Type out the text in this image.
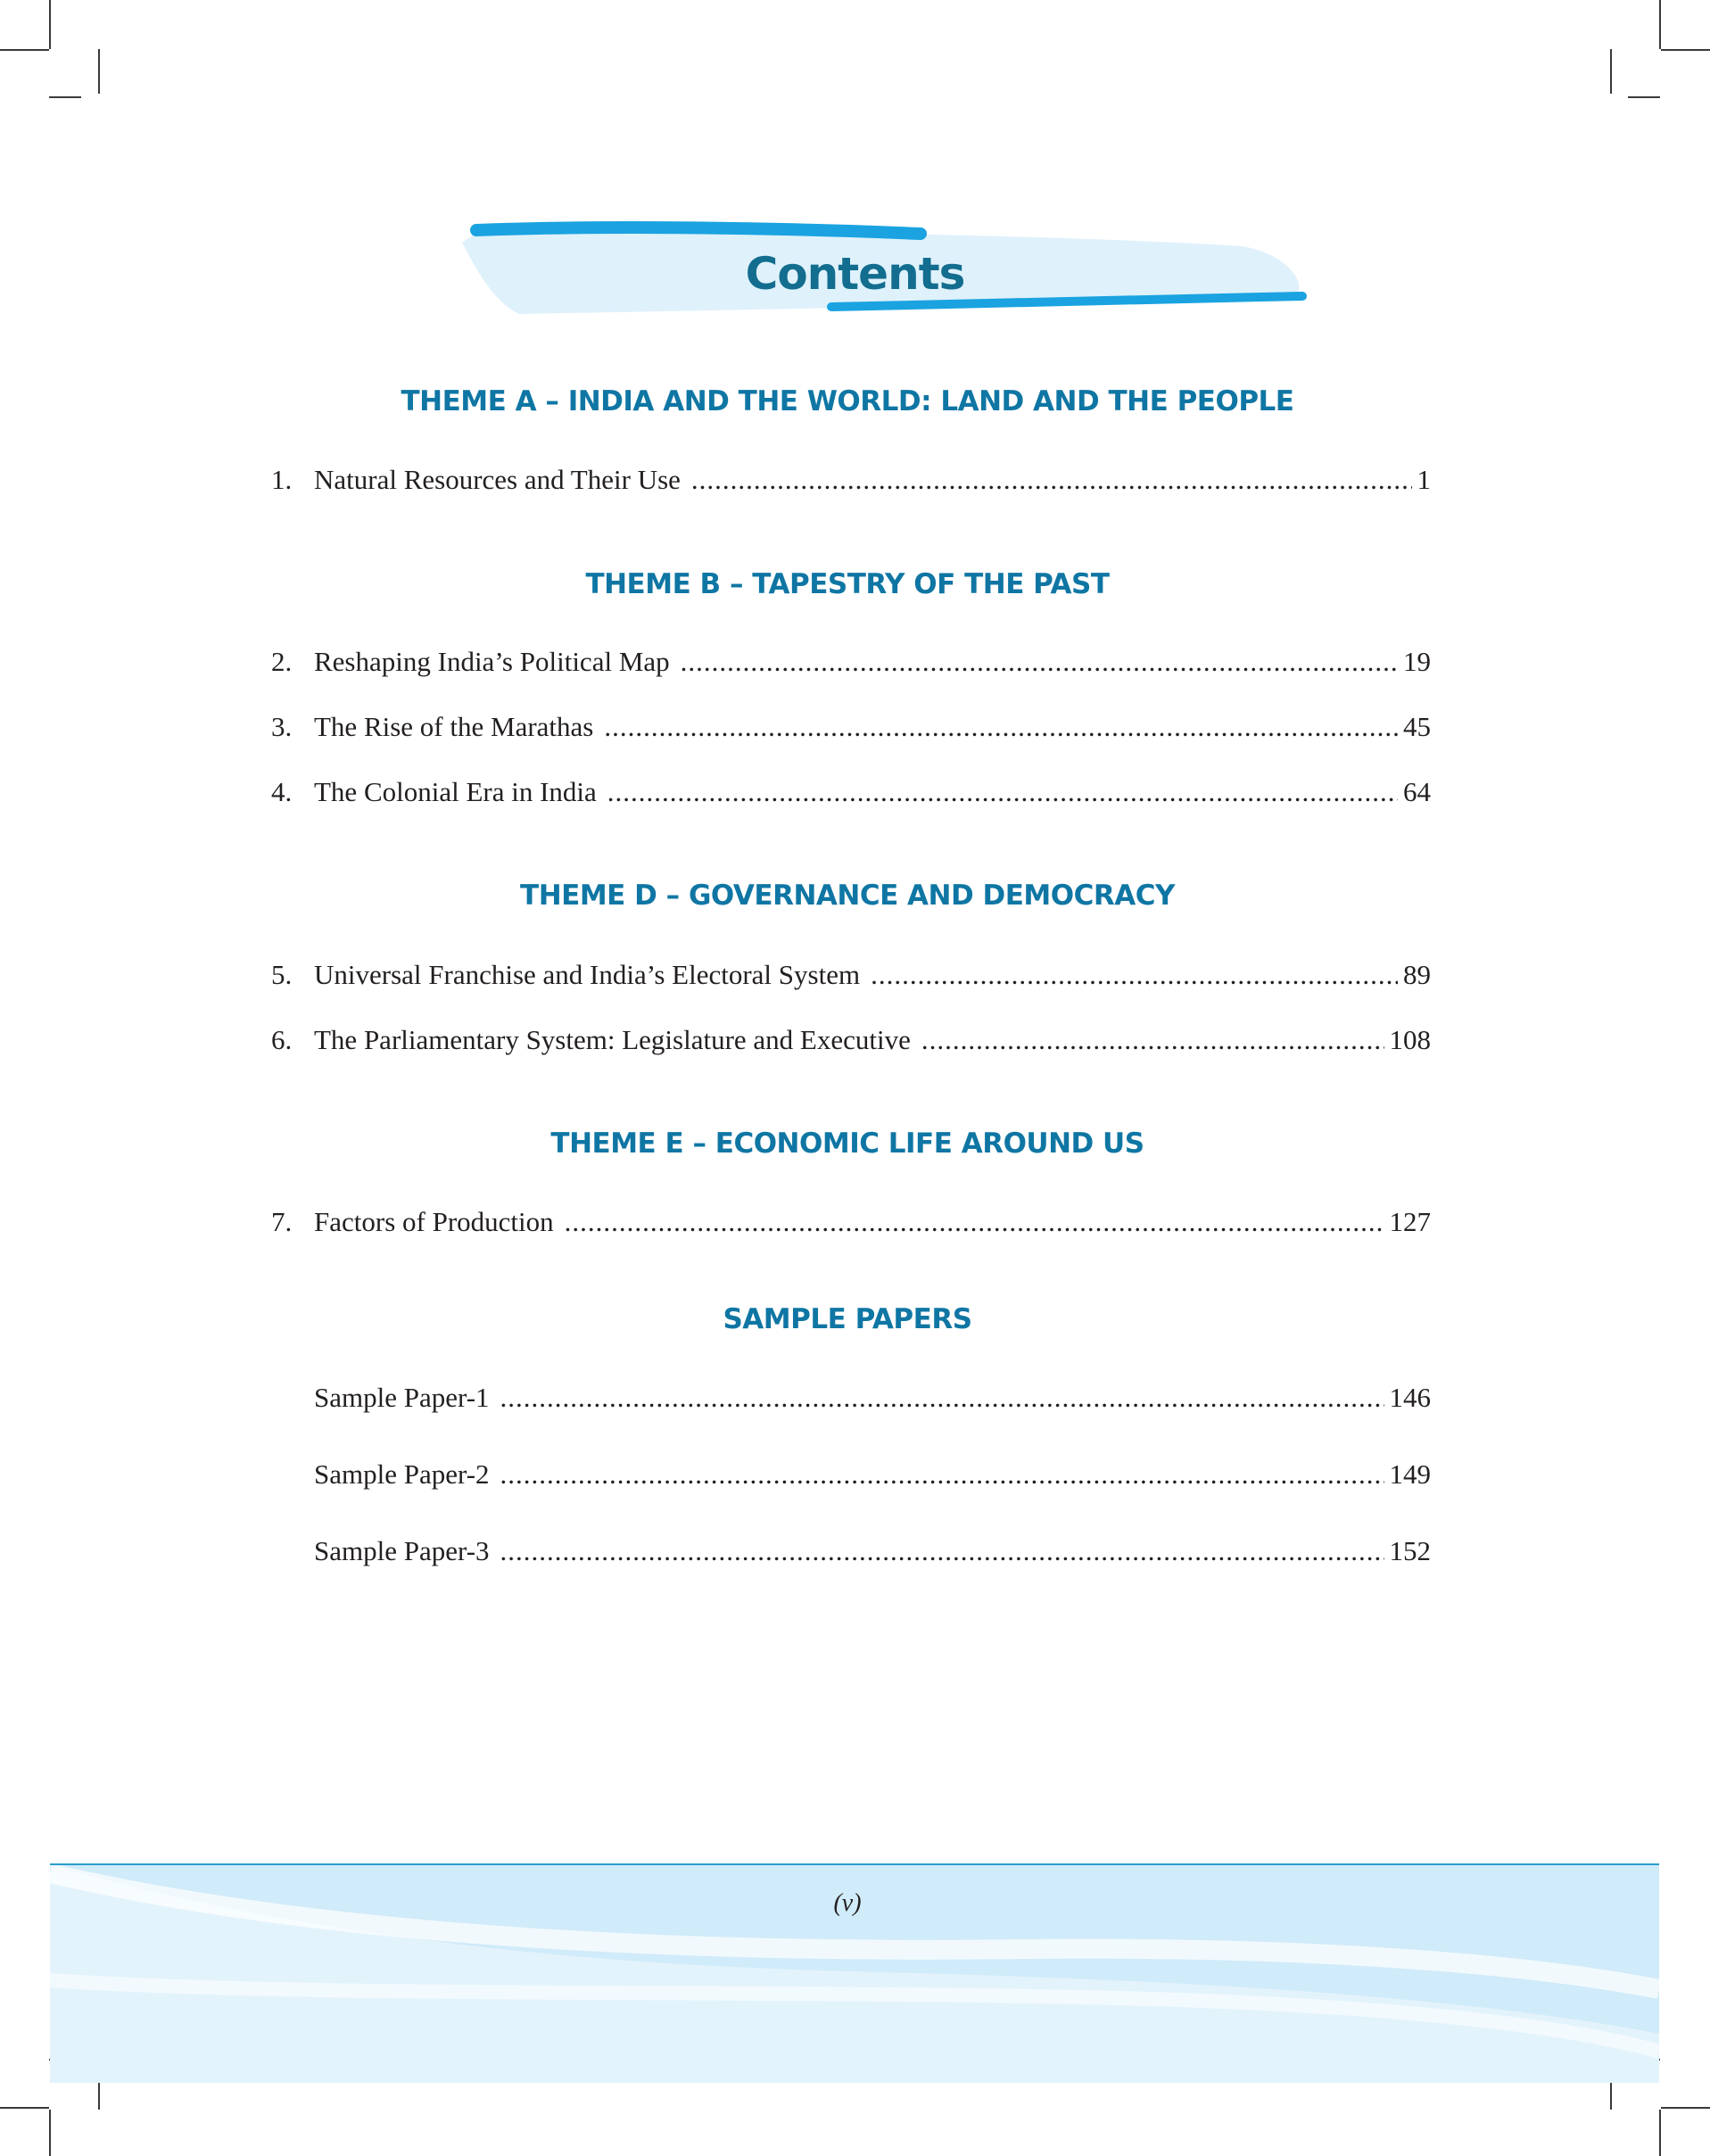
Contents
THEME A – INDIA AND THE WORLD: LAND AND THE PEOPLE
1. Natural Resources and Their Use .....	1
THEME B – TAPESTRY OF THE PAST
2. Reshaping India’s Political Map .....	19
3. The Rise of the Marathas .....	45
4. The Colonial Era in India .....	64
THEME D – GOVERNANCE AND DEMOCRACY
5. Universal Franchise and India’s Electoral System .....	89
6. The Parliamentary System: Legislature and Executive .....	108
THEME E – ECONOMIC LIFE AROUND US
7. Factors of Production .....	127
SAMPLE PAPERS
Sample Paper-1 .....	146
Sample Paper-2 .....	149
Sample Paper-3 .....	152
(v)
